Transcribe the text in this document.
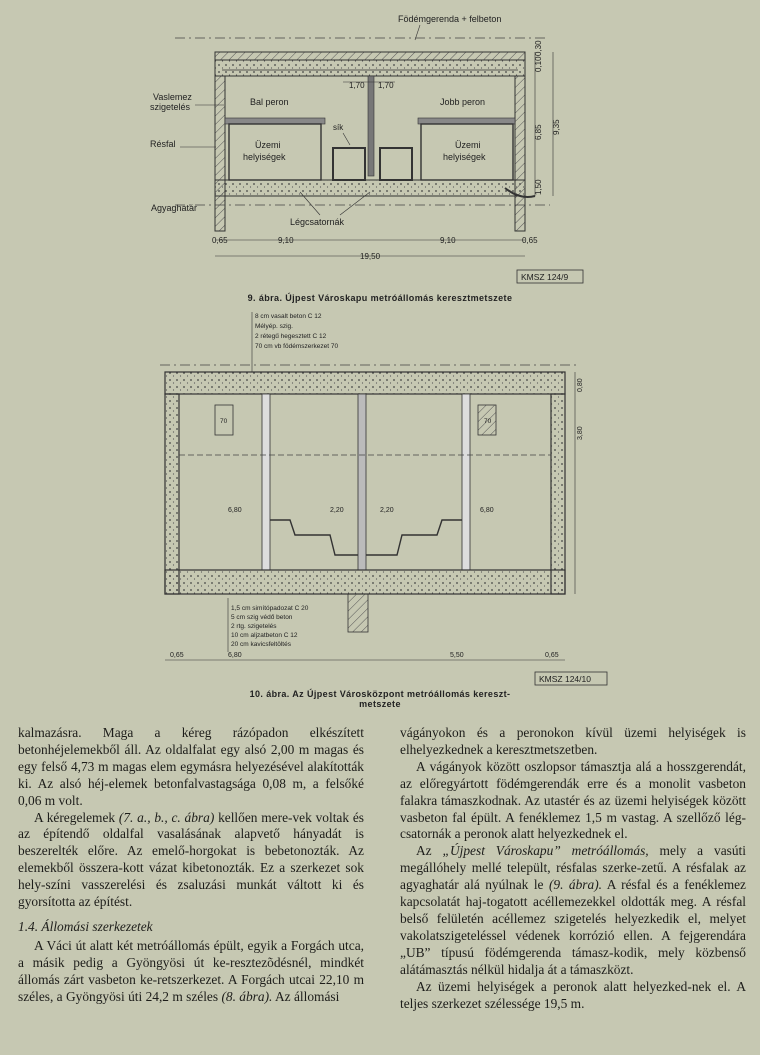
Födémgerenda + felbeton
1,70 1,70
Bal peron	Jobb peron
Üzemi
helyiségek
Üzemi
helyiségek
sík
Vaslemez
szigetelés
Résfal
Agyaghatár
Légcsatornák
0,65	9,10	9,10	0,65
19,50
0,30
0,10
6,85 9,35
1,50
KMSZ 124/9
9. ábra. Újpest Városkapu metróállomás keresztmetszete
8 cm vasalt beton C 12
Mélyép. szig.
2 rétegű hegesztett C 12
70 cm vb födémszerkezet 70
70
70
6,80	2,20	2,20	6,80
1,5 cm simítópadozat C 20
5 cm szig védő beton
2 rtg. szigetelés
10 cm aljzatbeton C 12
20 cm kavicsfeltöltés
0,65	6,80	5,50	0,65
0,80
3,80
KMSZ 124/10
10. ábra. Az Újpest Városközpont metróállomás kereszt-
metszete

kalmazásra. Maga a kéreg rázópadon elkészített betonhéjelemekből áll. Az oldalfalat egy alsó 2,00 m magas és egy felső 4,73 m magas elem egymásra helyezésével alakították ki. Az alsó héj-elemek betonfalvastagsága 0,08 m, a felsőké 0,06 m volt.

A kéregelemek (7. a., b., c. ábra) kellően mere-vek voltak és az építendő oldalfal vasalásának alapvető hányadát is beszerelték előre. Az emelő-horgokat is bebetonozták. Az elemekből összera-kott vázat kibetonozták. Ez a szerkezet sok hely-színi vasszerelési és zsaluzási munkát váltott ki és gyorsította az építést.

1.4. Állomási szerkezetek

A Váci út alatt két metróállomás épült, egyik a Forgách utca, a másik pedig a Gyöngyösi út ke-resztezõdésnél, mindkét állomás zárt vasbeton ke-retszerkezet. A Forgách utcai 22,10 m széles, a Gyöngyösi úti 24,2 m széles (8. ábra). Az állomási

vágányokon és a peronokon kívül üzemi helyiségek is elhelyezkednek a keresztmetszetben.

A vágányok között oszlopsor támasztja alá a hosszgerendát, az előregyártott födémgerendák erre és a monolit vasbeton falakra támaszkodnak. Az utastér és az üzemi helyiségek között vasbeton fal épült. A fenéklemez 1,5 m vastag. A szellőző lég-csatornák a peronok alatt helyezkednek el.

Az „Újpest Városkapu” metróállomás, mely a vasúti megállóhely mellé települt, résfalas szerke-zetű. A résfalak az agyaghatár alá nyúlnak le (9. ábra). A résfal és a fenéklemez kapcsolatát haj-togatott acéllemezekkel oldották meg. A résfal belső felületén acéllemez szigetelés helyezkedik el, melyet vakolatszigeteléssel védenek korrózió ellen. A fejgerendára „UB” típusú födémgerenda támasz-kodik, mely közbenső alátámasztás nélkül hidalja át a támaszközt.

Az üzemi helyiségek a peronok alatt helyezked-nek el. A teljes szerkezet szélessége 19,5 m.
